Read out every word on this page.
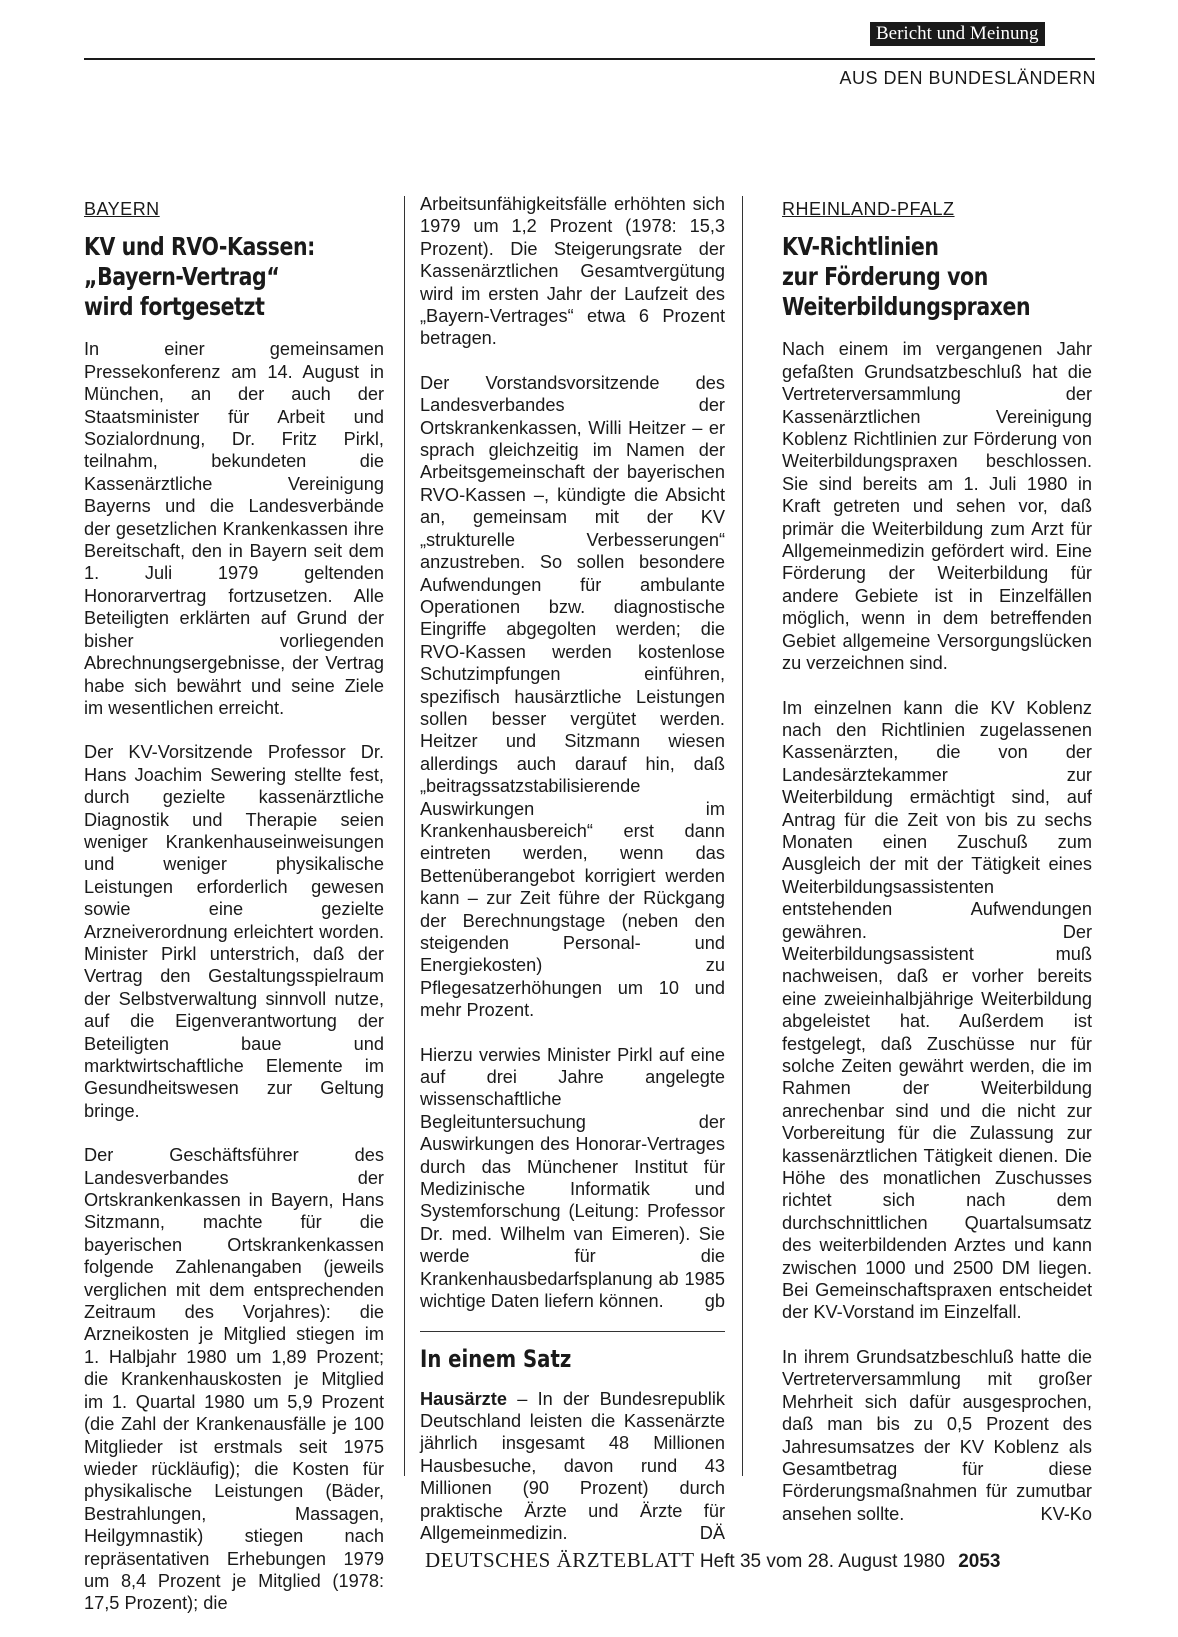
Bericht und Meinung
AUS DEN BUNDESLÄNDERN
BAYERN
KV und RVO-Kassen:
„Bayern-Vertrag“
wird fortgesetzt

In einer gemeinsamen Pressekonferenz am 14. August in München, an der auch der Staatsminister für Arbeit und Sozialordnung, Dr. Fritz Pirkl, teilnahm, bekundeten die Kassenärztliche Vereinigung Bayerns und die Landesverbände der gesetzlichen Krankenkassen ihre Bereitschaft, den in Bayern seit dem 1. Juli 1979 geltenden Honorarvertrag fortzusetzen. Alle Beteiligten erklärten auf Grund der bisher vorliegenden Abrechnungsergebnisse, der Vertrag habe sich bewährt und seine Ziele im wesentlichen erreicht.

Der KV-Vorsitzende Professor Dr. Hans Joachim Sewering stellte fest, durch gezielte kassenärztliche Diagnostik und Therapie seien weniger Krankenhauseinweisungen und weniger physikalische Leistungen erforderlich gewesen sowie eine gezielte Arzneiverordnung erleichtert worden. Minister Pirkl unterstrich, daß der Vertrag den Gestaltungsspielraum der Selbstverwaltung sinnvoll nutze, auf die Eigenverantwortung der Beteiligten baue und marktwirtschaftliche Elemente im Gesundheitswesen zur Geltung bringe.

Der Geschäftsführer des Landesverbandes der Ortskrankenkassen in Bayern, Hans Sitzmann, machte für die bayerischen Ortskrankenkassen folgende Zahlenangaben (jeweils verglichen mit dem entsprechenden Zeitraum des Vorjahres): die Arzneikosten je Mitglied stiegen im 1. Halbjahr 1980 um 1,89 Prozent; die Krankenhauskosten je Mitglied im 1. Quartal 1980 um 5,9 Prozent (die Zahl der Krankenausfälle je 100 Mitglieder ist erstmals seit 1975 wieder rückläufig); die Kosten für physikalische Leistungen (Bäder, Bestrahlungen, Massagen, Heilgymnastik) stiegen nach repräsentativen Erhebungen 1979 um 8,4 Prozent je Mitglied (1978: 17,5 Prozent); die

Arbeitsunfähigkeitsfälle erhöhten sich 1979 um 1,2 Prozent (1978: 15,3 Prozent). Die Steigerungsrate der Kassenärztlichen Gesamtvergütung wird im ersten Jahr der Laufzeit des „Bayern-Vertrages“ etwa 6 Prozent betragen.

Der Vorstandsvorsitzende des Landesverbandes der Ortskrankenkassen, Willi Heitzer – er sprach gleichzeitig im Namen der Arbeitsgemeinschaft der bayerischen RVO-Kassen –, kündigte die Absicht an, gemeinsam mit der KV „strukturelle Verbesserungen“ anzustreben. So sollen besondere Aufwendungen für ambulante Operationen bzw. diagnostische Eingriffe abgegolten werden; die RVO-Kassen werden kostenlose Schutzimpfungen einführen, spezifisch hausärztliche Leistungen sollen besser vergütet werden. Heitzer und Sitzmann wiesen allerdings auch darauf hin, daß „beitragssatzstabilisierende Auswirkungen im Krankenhausbereich“ erst dann eintreten werden, wenn das Bettenüberangebot korrigiert werden kann – zur Zeit führe der Rückgang der Berechnungstage (neben den steigenden Personal- und Energiekosten) zu Pflegesatzerhöhungen um 10 und mehr Prozent.

Hierzu verwies Minister Pirkl auf eine auf drei Jahre angelegte wissenschaftliche Begleituntersuchung der Auswirkungen des Honorar-Vertrages durch das Münchener Institut für Medizinische Informatik und Systemforschung (Leitung: Professor Dr. med. Wilhelm van Eimeren). Sie werde für die Krankenhausbedarfsplanung ab 1985 wichtige Daten liefern können. gb

In einem Satz

Hausärzte – In der Bundesrepublik Deutschland leisten die Kassenärzte jährlich insgesamt 48 Millionen Hausbesuche, davon rund 43 Millionen (90 Prozent) durch praktische Ärzte und Ärzte für Allgemeinmedizin.	DÄ

RHEINLAND-PFALZ
KV-Richtlinien
zur Förderung von
Weiterbildungspraxen

Nach einem im vergangenen Jahr gefaßten Grundsatzbeschluß hat die Vertreterversammlung der Kassenärztlichen Vereinigung Koblenz Richtlinien zur Förderung von Weiterbildungspraxen beschlossen. Sie sind bereits am 1. Juli 1980 in Kraft getreten und sehen vor, daß primär die Weiterbildung zum Arzt für Allgemeinmedizin gefördert wird. Eine Förderung der Weiterbildung für andere Gebiete ist in Einzelfällen möglich, wenn in dem betreffenden Gebiet allgemeine Versorgungslücken zu verzeichnen sind.

Im einzelnen kann die KV Koblenz nach den Richtlinien zugelassenen Kassenärzten, die von der Landesärztekammer zur Weiterbildung ermächtigt sind, auf Antrag für die Zeit von bis zu sechs Monaten einen Zuschuß zum Ausgleich der mit der Tätigkeit eines Weiterbildungsassistenten entstehenden Aufwendungen gewähren. Der Weiterbildungsassistent muß nachweisen, daß er vorher bereits eine zweieinhalbjährige Weiterbildung abgeleistet hat. Außerdem ist festgelegt, daß Zuschüsse nur für solche Zeiten gewährt werden, die im Rahmen der Weiterbildung anrechenbar sind und die nicht zur Vorbereitung für die Zulassung zur kassenärztlichen Tätigkeit dienen. Die Höhe des monatlichen Zuschusses richtet sich nach dem durchschnittlichen Quartalsumsatz des weiterbildenden Arztes und kann zwischen 1000 und 2500 DM liegen. Bei Gemeinschaftspraxen entscheidet der KV-Vorstand im Einzelfall.

In ihrem Grundsatzbeschluß hatte die Vertreterversammlung mit großer Mehrheit sich dafür ausgesprochen, daß man bis zu 0,5 Prozent des Jahresumsatzes der KV Koblenz als Gesamtbetrag für diese Förderungsmaßnahmen für zumutbar ansehen sollte.	KV-Ko

DEUTSCHES ÄRZTEBLATT Heft 35 vom 28. August 1980 2053
